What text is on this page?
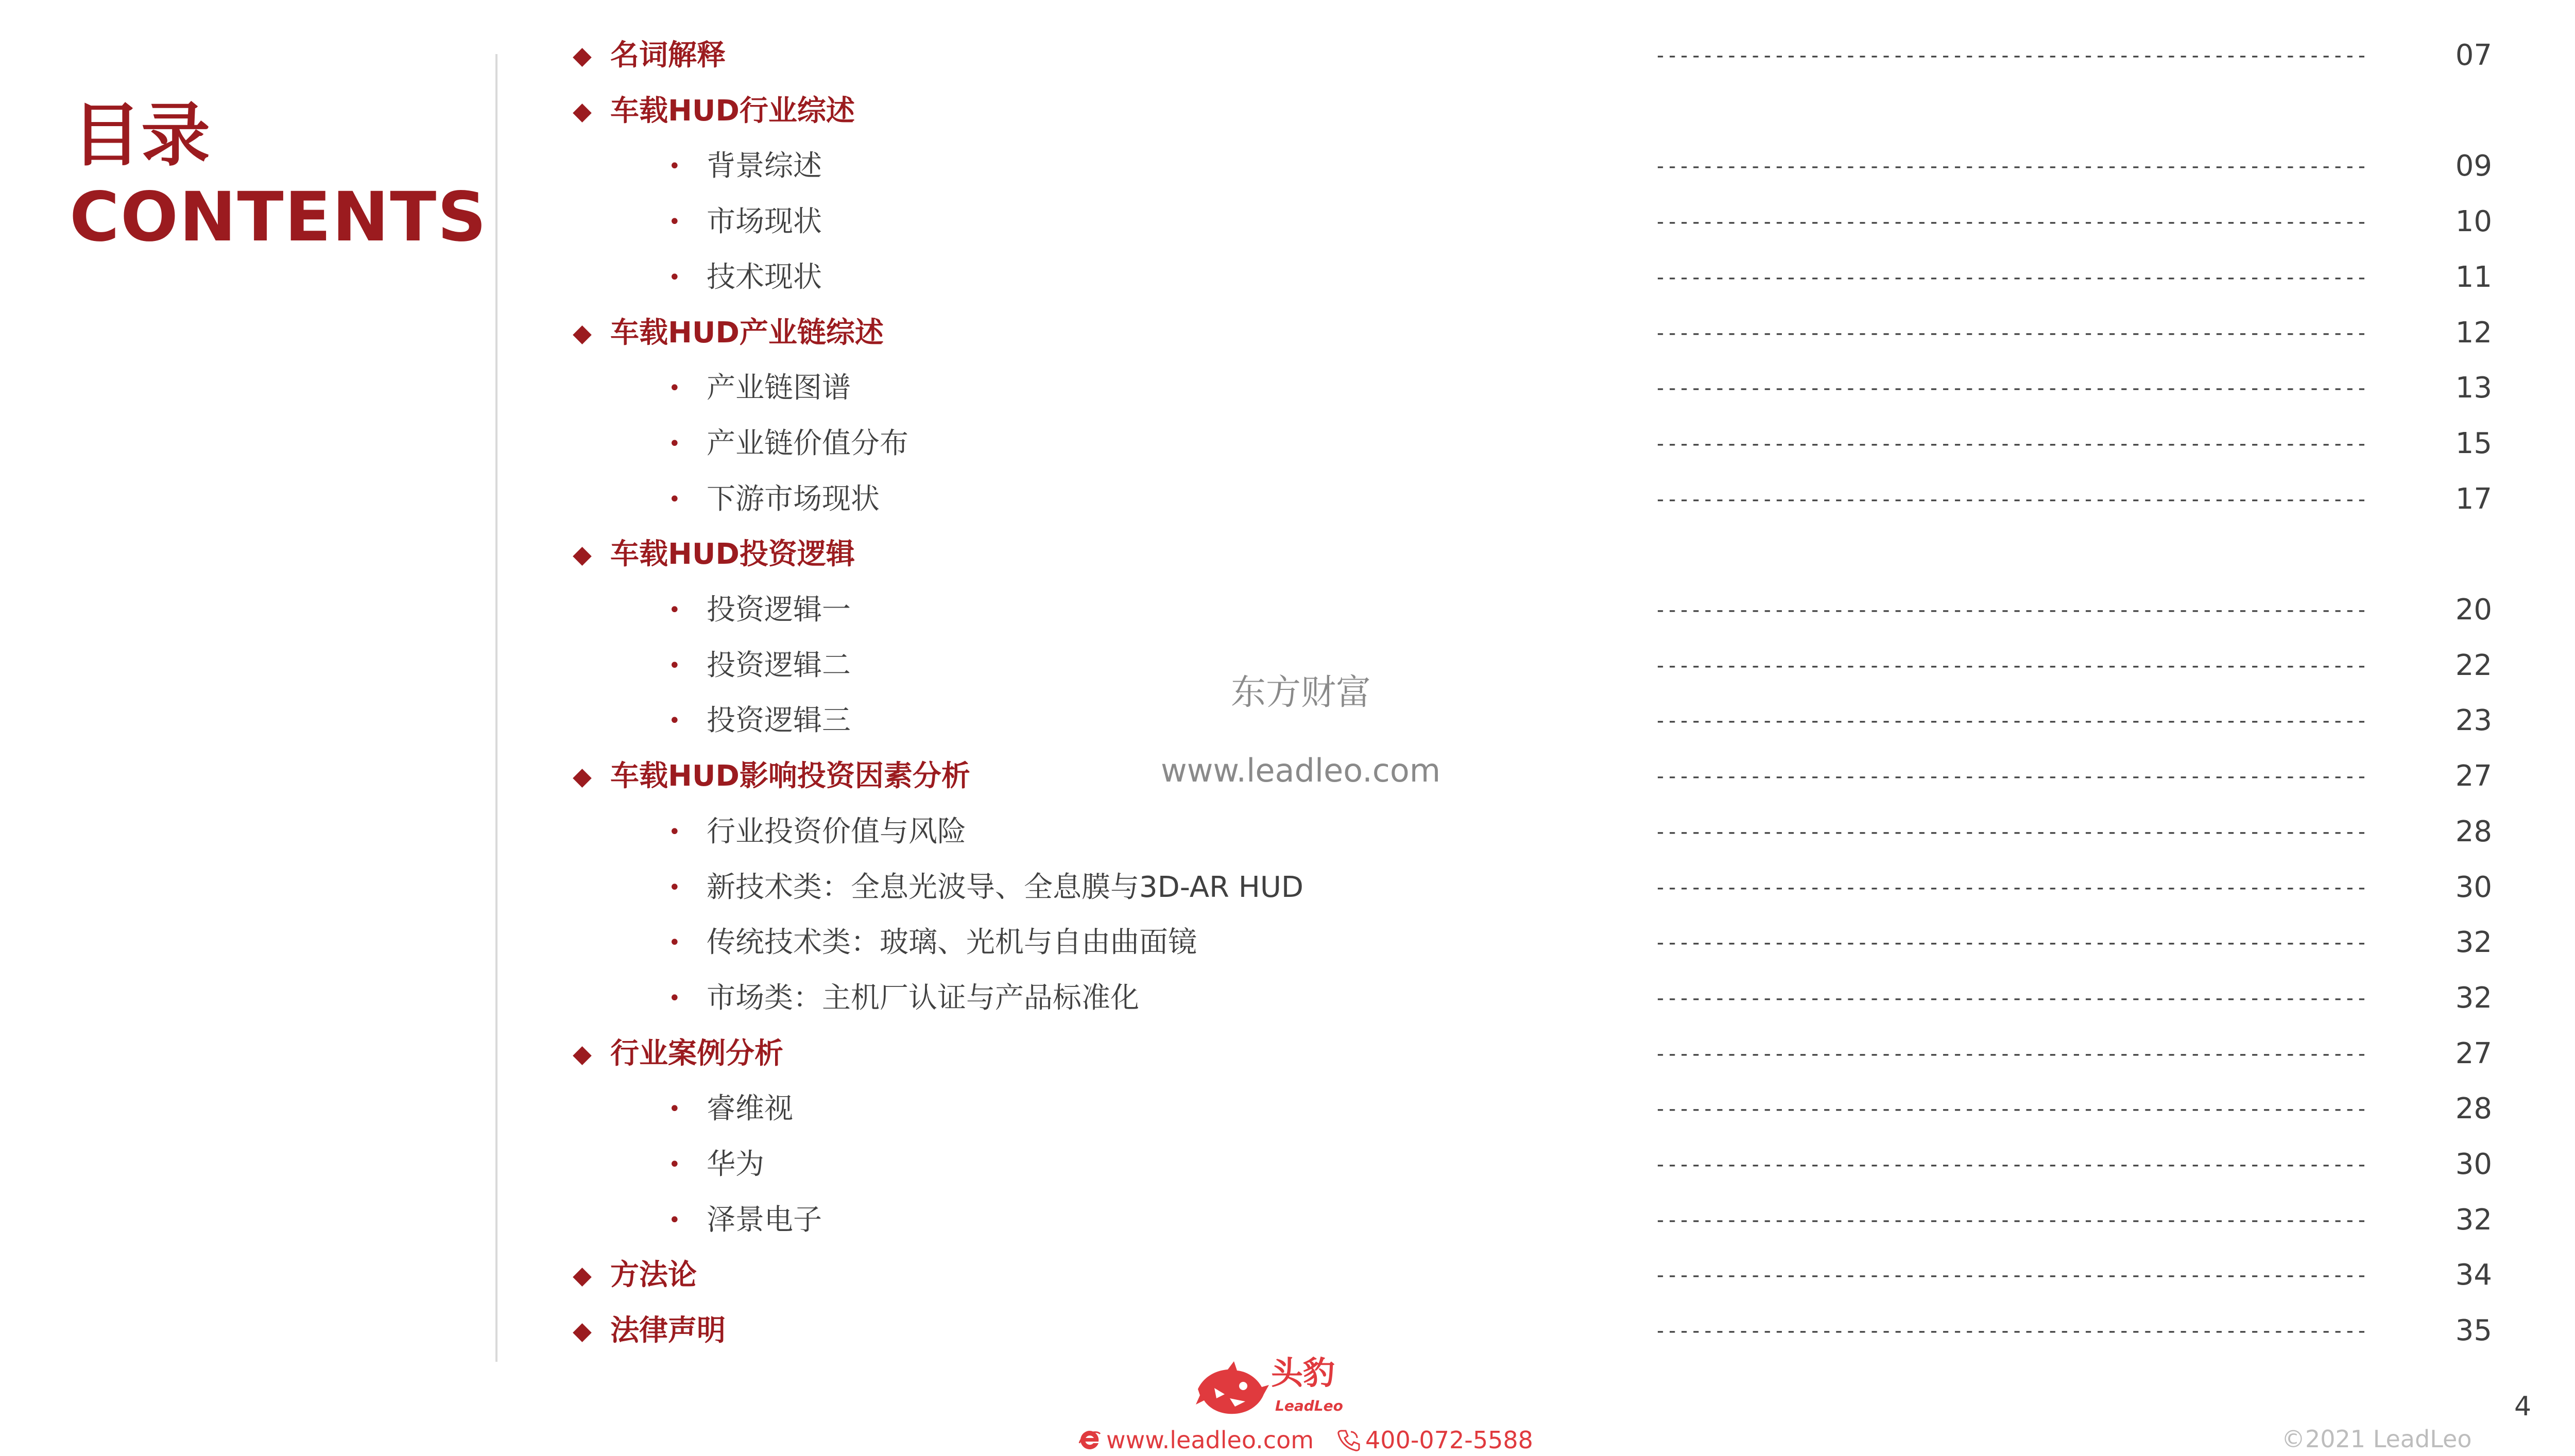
目录
CONTENTS
◆ 名词解释	------------------------------------------------------------	07
◆ 车载HUD行业综述
• 背景综述	------------------------------------------------------------	09
• 市场现状	------------------------------------------------------------	10
• 技术现状	------------------------------------------------------------	11
◆ 车载HUD产业链综述	------------------------------------------------------------	12
• 产业链图谱	------------------------------------------------------------	13
• 产业链价值分布	------------------------------------------------------------	15
• 下游市场现状	------------------------------------------------------------	17
◆ 车载HUD投资逻辑
• 投资逻辑一	------------------------------------------------------------	20
• 投资逻辑二	------------------------------------------------------------	22
• 投资逻辑三	------------------------------------------------------------	23
◆ 车载HUD影响投资因素分析	------------------------------------------------------------	27
• 行业投资价值与风险	------------------------------------------------------------	28
• 新技术类：全息光波导、全息膜与3D-AR HUD	------------------------------------------------------------	30
• 传统技术类：玻璃、光机与自由曲面镜	------------------------------------------------------------	32
• 市场类：主机厂认证与产品标准化	------------------------------------------------------------	32
◆ 行业案例分析	------------------------------------------------------------	27
• 睿维视	------------------------------------------------------------	28
• 华为	------------------------------------------------------------	30
• 泽景电子	------------------------------------------------------------	32
◆ 方法论	------------------------------------------------------------	34
◆ 法律声明	------------------------------------------------------------	35
东方财富
www.leadleo.com
头豹
LeadLeo
www.leadleo.com 400-072-5588	©2021 LeadLeo
4
